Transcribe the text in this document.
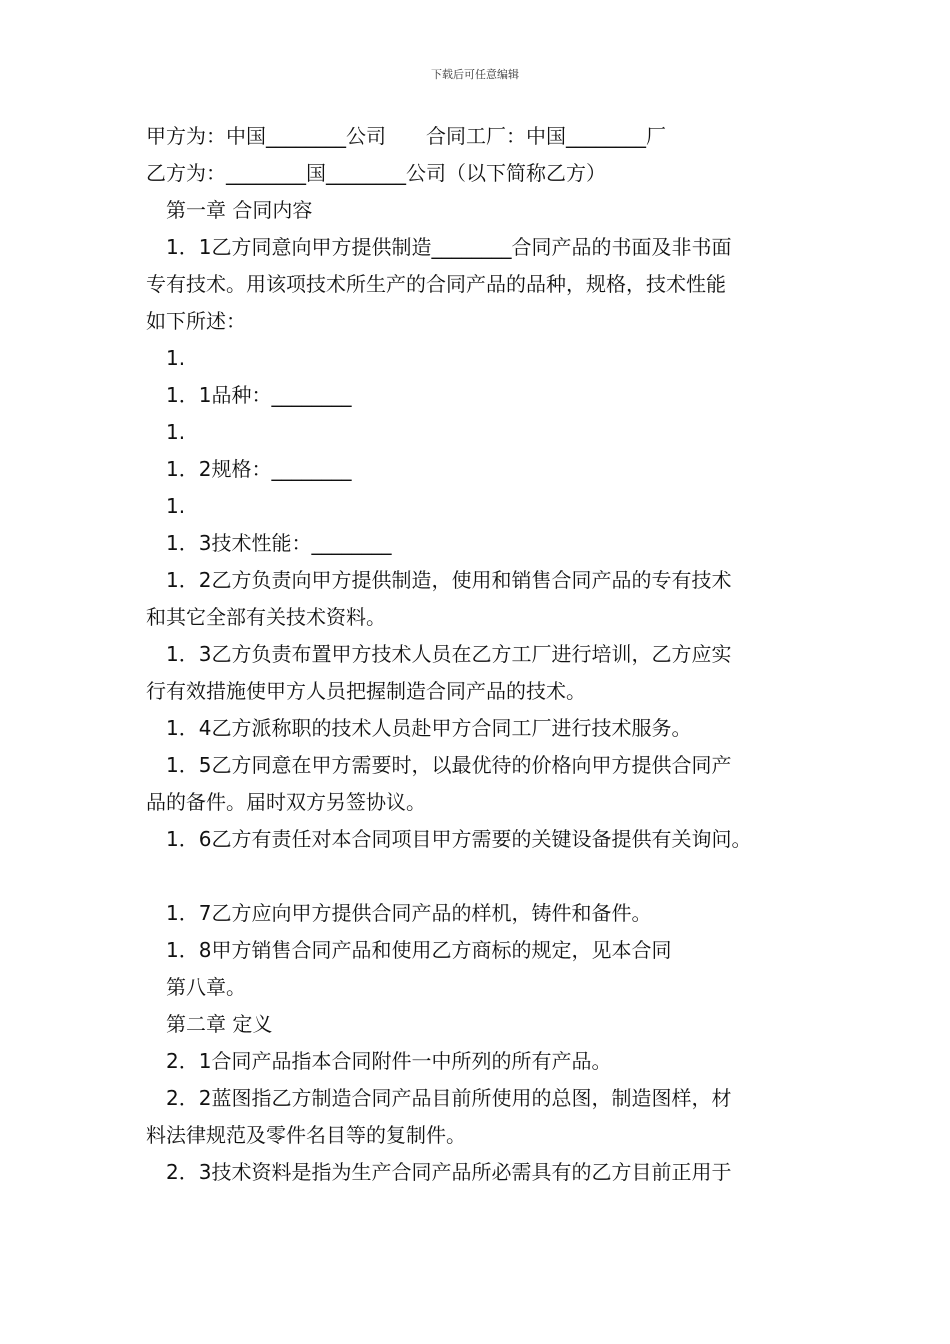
下载后可任意编辑
甲方为：中国________公司　　合同工厂：中国________厂
乙方为：________国________公司（以下简称乙方）
第一章 合同内容
1．1乙方同意向甲方提供制造________合同产品的书面及非书面
专有技术。用该项技术所生产的合同产品的品种，规格，技术性能
如下所述：
1.
1．1品种：________
1.
1．2规格：________
1.
1．3技术性能：________
1．2乙方负责向甲方提供制造，使用和销售合同产品的专有技术
和其它全部有关技术资料。
1．3乙方负责布置甲方技术人员在乙方工厂进行培训，乙方应实
行有效措施使甲方人员把握制造合同产品的技术。
1．4乙方派称职的技术人员赴甲方合同工厂进行技术服务。
1．5乙方同意在甲方需要时，以最优待的价格向甲方提供合同产
品的备件。届时双方另签协议。
1．6乙方有责任对本合同项目甲方需要的关键设备提供有关询问。
1．7乙方应向甲方提供合同产品的样机，铸件和备件。
1．8甲方销售合同产品和使用乙方商标的规定，见本合同
第八章。
第二章 定义
2．1合同产品指本合同附件一中所列的所有产品。
2．2蓝图指乙方制造合同产品目前所使用的总图，制造图样，材
料法律规范及零件名目等的复制件。
2．3技术资料是指为生产合同产品所必需具有的乙方目前正用于
